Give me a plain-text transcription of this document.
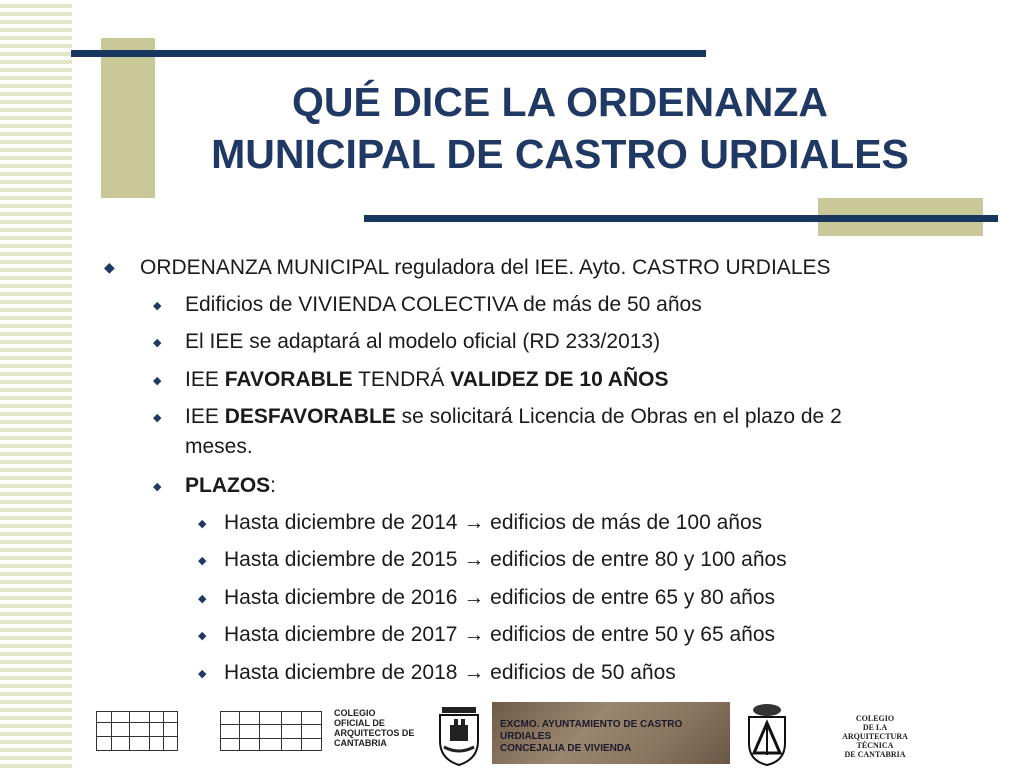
QUÉ DICE LA ORDENANZA
MUNICIPAL DE CASTRO URDIALES
◆ ORDENANZA MUNICIPAL reguladora del IEE. Ayto. CASTRO URDIALES
◆ Edificios de VIVIENDA COLECTIVA de más de 50 años
◆ El IEE se adaptará al modelo oficial (RD 233/2013)
◆ IEE FAVORABLE TENDRÁ VALIDEZ DE 10 AÑOS
◆ IEE DESFAVORABLE se solicitará Licencia de Obras en el plazo de 2
meses.
◆ PLAZOS:
◆ Hasta diciembre de 2014 → edificios de más de 100 años
◆ Hasta diciembre de 2015 → edificios de entre 80 y 100 años
◆ Hasta diciembre de 2016 → edificios de entre 65 y 80 años
◆ Hasta diciembre de 2017 → edificios de entre 50 y 65 años
◆ Hasta diciembre de 2018 → edificios de 50 años
COLEGIO
OFICIAL DE
ARQUITECTOS DE
CANTABRIA
EXCMO. AYUNTAMIENTO DE CASTRO URDIALES
CONCEJALIA DE VIVIENDA
COLEGIO
DE LA
ARQUITECTURA TÉCNICA
DE CANTABRIA
